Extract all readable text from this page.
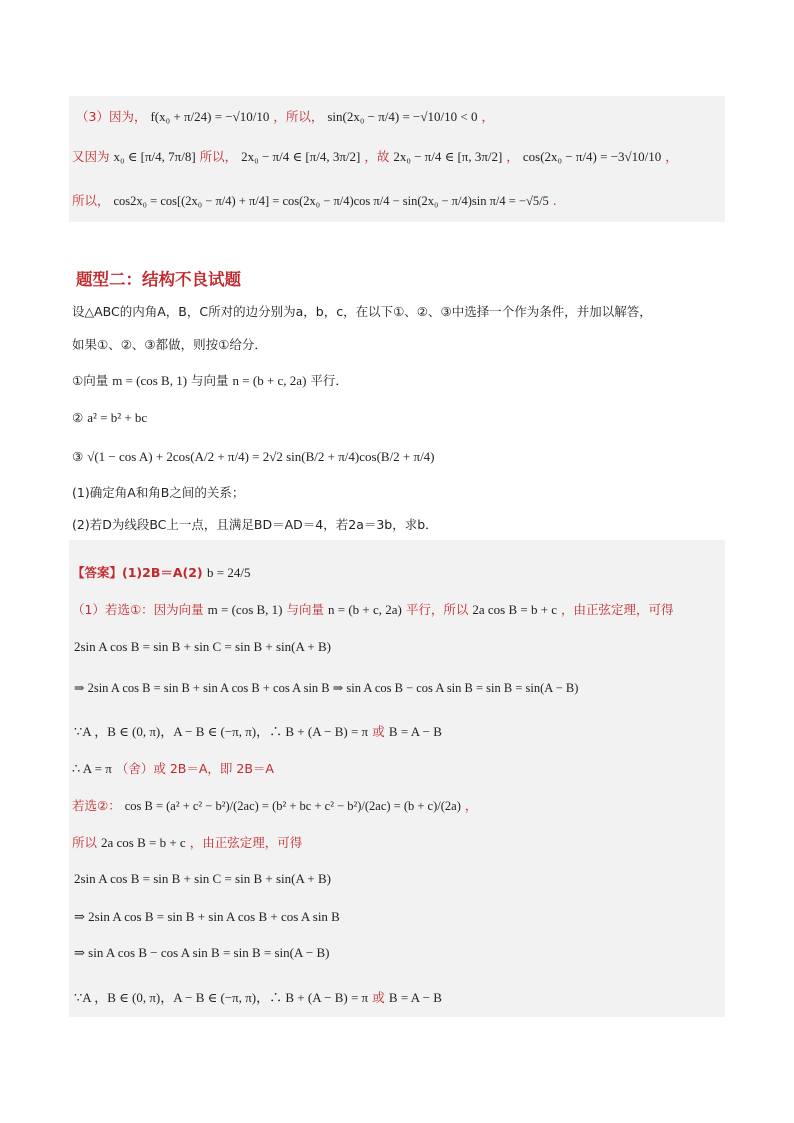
（3）因为， f(x₀ + π/24) = −√10/10 ，所以， sin(2x₀ − π/4) = −√10/10 < 0 ，
又因为 x₀ ∈ [π/4, 7π/8] 所以， 2x₀ − π/4 ∈ [π/4, 3π/2] ，故 2x₀ − π/4 ∈ [π, 3π/2] ， cos(2x₀ − π/4) = −3√10/10 ，
所以， cos2x₀ = cos[(2x₀ − π/4) + π/4] = cos(2x₀ − π/4)cos π/4 − sin(2x₀ − π/4)sin π/4 = −√5/5 .
题型二：结构不良试题
设△ABC的内角A，B，C所对的边分别为a，b，c，在以下①、②、③中选择一个作为条件，并加以解答，
如果①、②、③都做，则按①给分．
①向量 m = (cos B, 1) 与向量 n = (b + c, 2a) 平行．
② a² = b² + bc
③ √(1 − cos A) + 2cos(A/2 + π/4) = 2√2 sin(B/2 + π/4)cos(B/2 + π/4)
(1)确定角A和角B之间的关系；
(2)若D为线段BC上一点，且满足BD＝AD＝4，若2a＝3b，求b．
【答案】(1)2B＝A(2) b = 24/5
（1）若选①：因为向量 m = (cos B, 1) 与向量 n = (b + c, 2a) 平行，所以 2a cos B = b + c ，由正弦定理，可得
2sin A cos B = sin B + sin C = sin B + sin(A + B)
⇒ 2sin A cos B = sin B + sin A cos B + cos A sin B ⇒ sin A cos B − cos A sin B = sin B = sin(A − B)
∵A ，B ∈ (0, π)，A − B ∈ (−π, π)，∴ B + (A − B) = π 或 B = A − B
∴ A = π （舍）或 2B＝A，即 2B＝A
若选②： cos B = (a² + c² − b²)/(2ac) = (b² + bc + c² − b²)/(2ac) = (b + c)/(2a) ，
所以 2a cos B = b + c ，由正弦定理，可得
2sin A cos B = sin B + sin C = sin B + sin(A + B)
⇒ 2sin A cos B = sin B + sin A cos B + cos A sin B
⇒ sin A cos B − cos A sin B = sin B = sin(A − B)
∵A ，B ∈ (0, π)，A − B ∈ (−π, π)，∴ B + (A − B) = π 或 B = A − B
